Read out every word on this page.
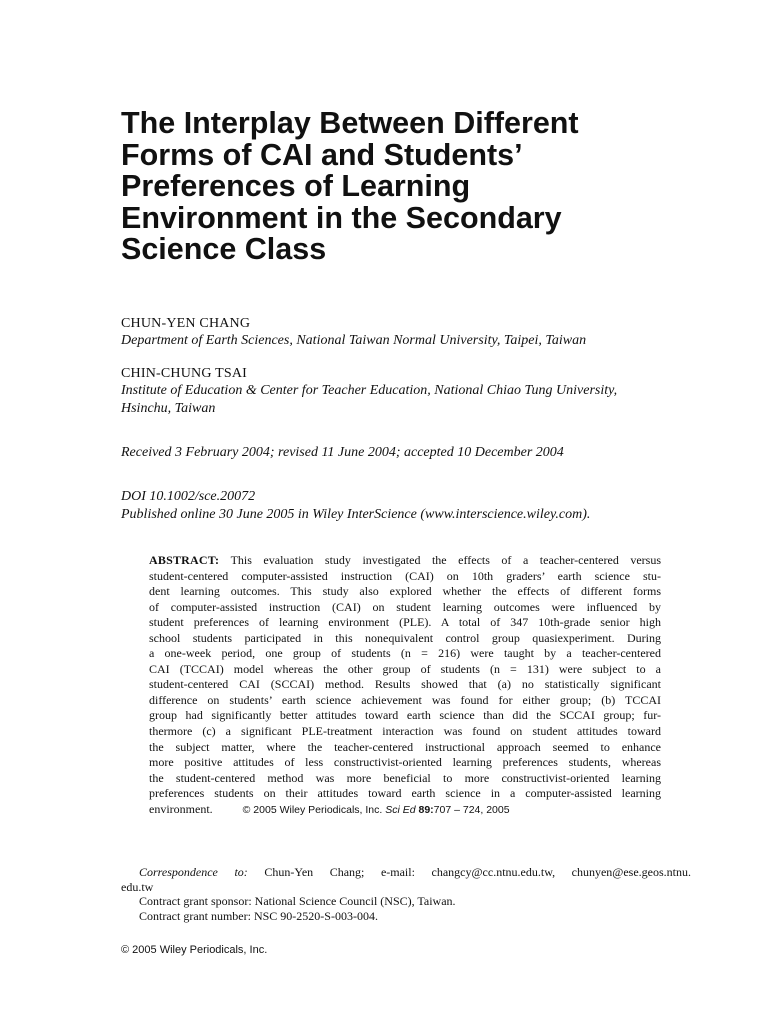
The Interplay Between Different
Forms of CAI and Students’
Preferences of Learning
Environment in the Secondary
Science Class
CHUN-YEN CHANG
Department of Earth Sciences, National Taiwan Normal University, Taipei, Taiwan
CHIN-CHUNG TSAI
Institute of Education & Center for Teacher Education, National Chiao Tung University,
Hsinchu, Taiwan
Received 3 February 2004; revised 11 June 2004; accepted 10 December 2004
DOI 10.1002/sce.20072
Published online 30 June 2005 in Wiley InterScience (www.interscience.wiley.com).
ABSTRACT: This evaluation study investigated the effects of a teacher-centered versus
student-centered computer-assisted instruction (CAI) on 10th graders’ earth science stu-
dent learning outcomes. This study also explored whether the effects of different forms
of computer-assisted instruction (CAI) on student learning outcomes were influenced by
student preferences of learning environment (PLE). A total of 347 10th-grade senior high
school students participated in this nonequivalent control group quasiexperiment. During
a one-week period, one group of students (n = 216) were taught by a teacher-centered
CAI (TCCAI) model whereas the other group of students (n = 131) were subject to a
student-centered CAI (SCCAI) method. Results showed that (a) no statistically significant
difference on students’ earth science achievement was found for either group; (b) TCCAI
group had significantly better attitudes toward earth science than did the SCCAI group; fur-
thermore (c) a significant PLE-treatment interaction was found on student attitudes toward
the subject matter, where the teacher-centered instructional approach seemed to enhance
more positive attitudes of less constructivist-oriented learning preferences students, whereas
the student-centered method was more beneficial to more constructivist-oriented learning
preferences students on their attitudes toward earth science in a computer-assisted learning
environment.	© 2005 Wiley Periodicals, Inc. Sci Ed 89:707 – 724, 2005
Correspondence to: Chun-Yen Chang; e-mail: changcy@cc.ntnu.edu.tw, chunyen@ese.geos.ntnu.
edu.tw
Contract grant sponsor: National Science Council (NSC), Taiwan.
Contract grant number: NSC 90-2520-S-003-004.
© 2005 Wiley Periodicals, Inc.
